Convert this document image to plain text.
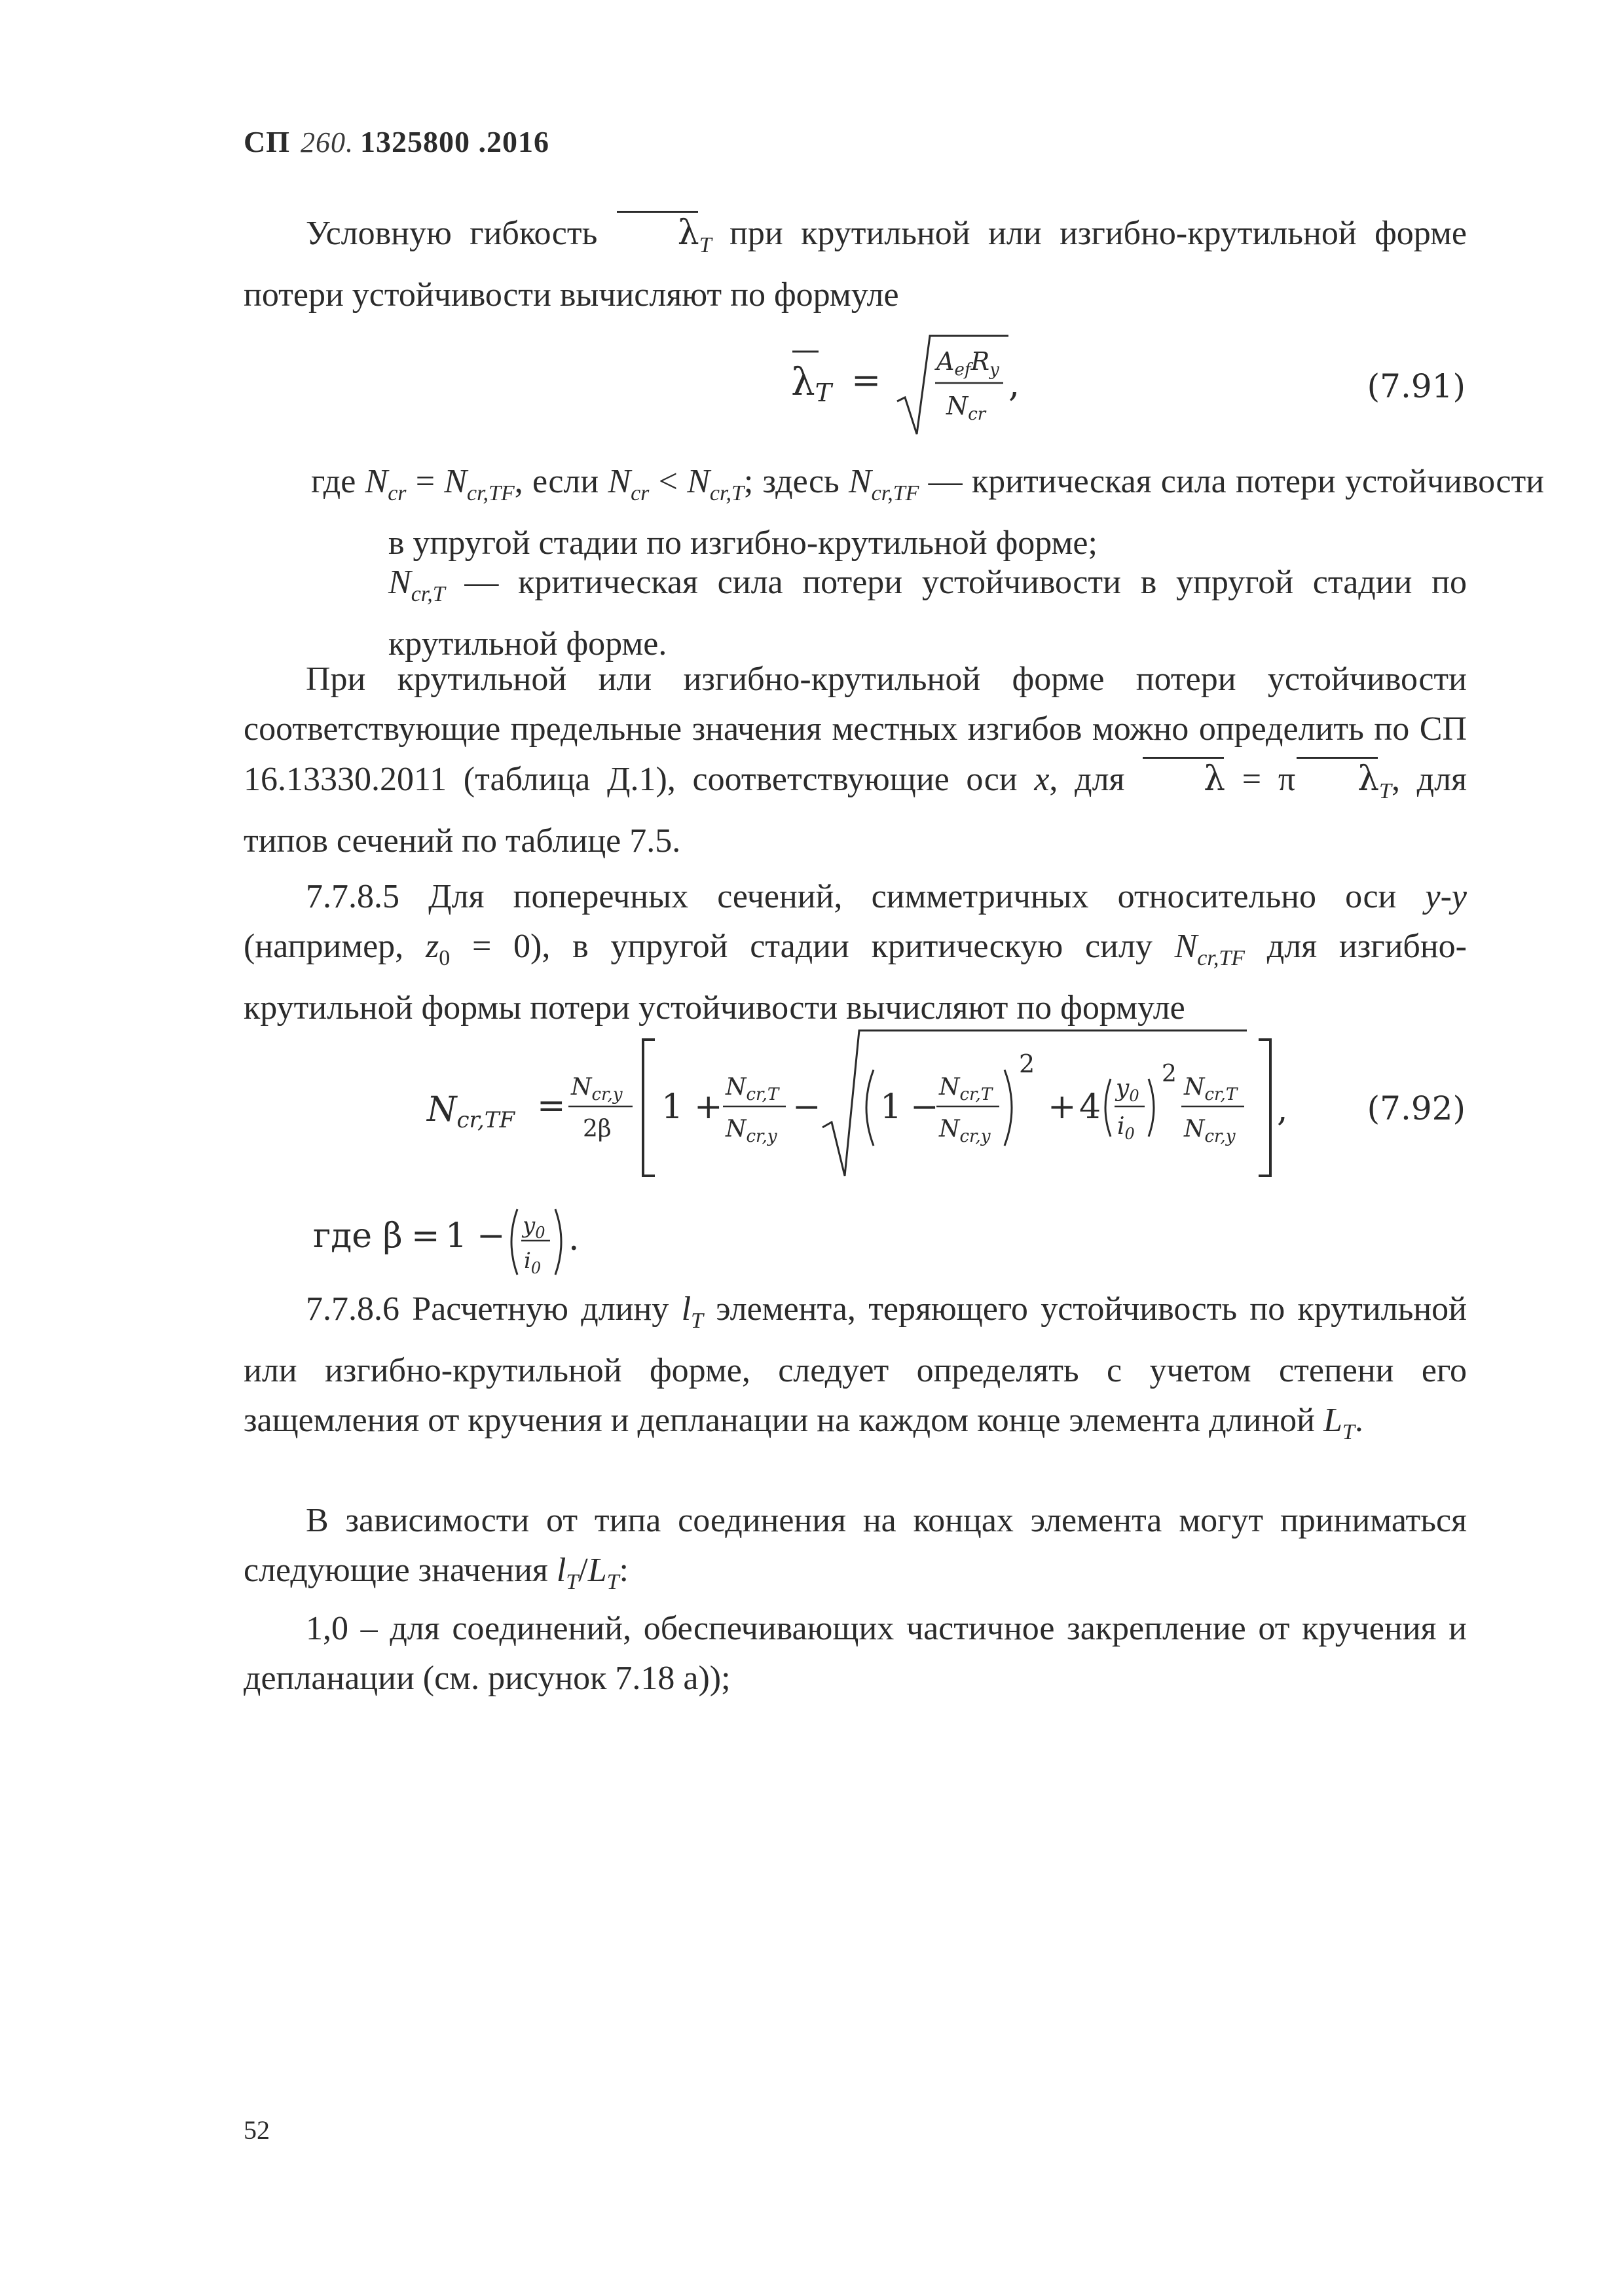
СП 260. 1325800 .2016
Условную гибкость $\lambda_T$ при крутильной или изгибно-крутильной форме потери устойчивости вычисляют по формуле
$\lambda T = A_{ef}R_y$
$N_{cr}$
,	(7.91)
где $N_{cr} = N_{cr,TF}$, если $N_{cr} < N_{cr,T}$; здесь $N_{cr,TF}$ — критическая сила потери устойчивости в упругой стадии по изгибно-крутильной форме;
$N_{cr,T}$ — критическая сила потери устойчивости в упругой стадии по крутильной форме.
При крутильной или изгибно-крутильной форме потери устойчивости соответствующие предельные значения местных изгибов можно определить по СП 16.13330.2011 (таблица Д.1), соответствующие оси x, для λ = π $\lambda_T$, для типов сечений по таблице 7.5.
7.7.8.5 Для поперечных сечений, симметричных относительно оси y-y (например, $z_0 = 0$), в упругой стадии критическую силу $N_{cr,TF}$ для изгибно-крутильной формы потери устойчивости вычисляют по формуле
$Ncr,TF = N_{cr,y}$
2β
1 +
$N_{cr,T}$
$N_{cr,y}$
− 1 −
$N_{cr,T}$
$N_{cr,y}$
2
+ 4 $y_0$
$i_0$
2 $N_{cr,T}$
$N_{cr,y}$
, (7.92)
где $\beta = 1 - y_0$
$i_0$
.
7.7.8.6 Расчетную длину $l_T$ элемента, теряющего устойчивость по крутильной или изгибно-крутильной форме, следует определять с учетом степени его защемления от кручения и депланации на каждом конце элемента длиной $L_T$.
В зависимости от типа соединения на концах элемента могут приниматься следующие значения $l_T/L_T$:
1,0 – для соединений, обеспечивающих частичное закрепление от кручения и депланации (см. рисунок 7.18 а));
52
